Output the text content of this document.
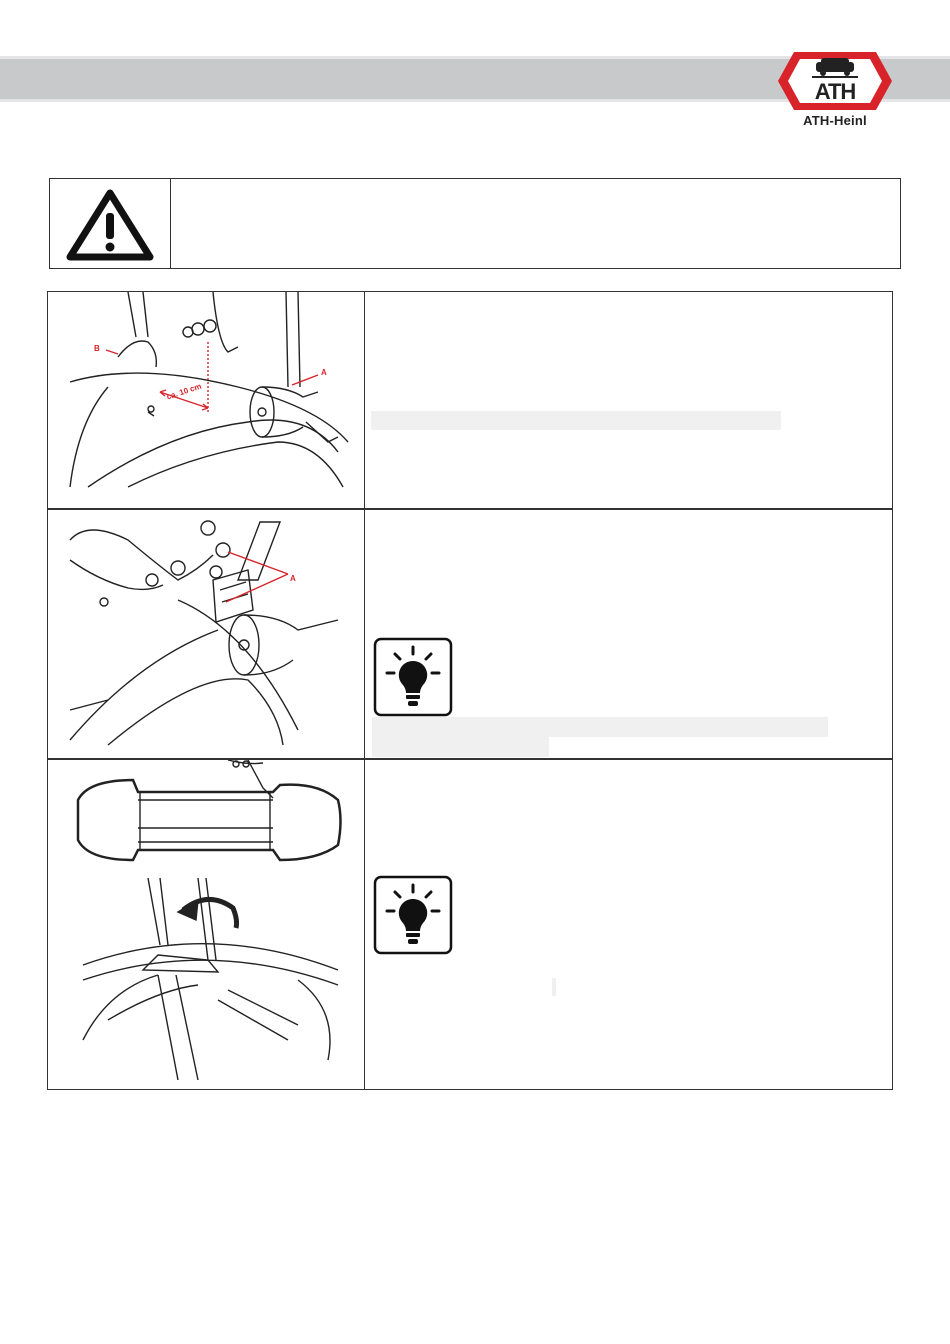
ATH
ATH-Heinl
B
A
ca. 10 cm
A
